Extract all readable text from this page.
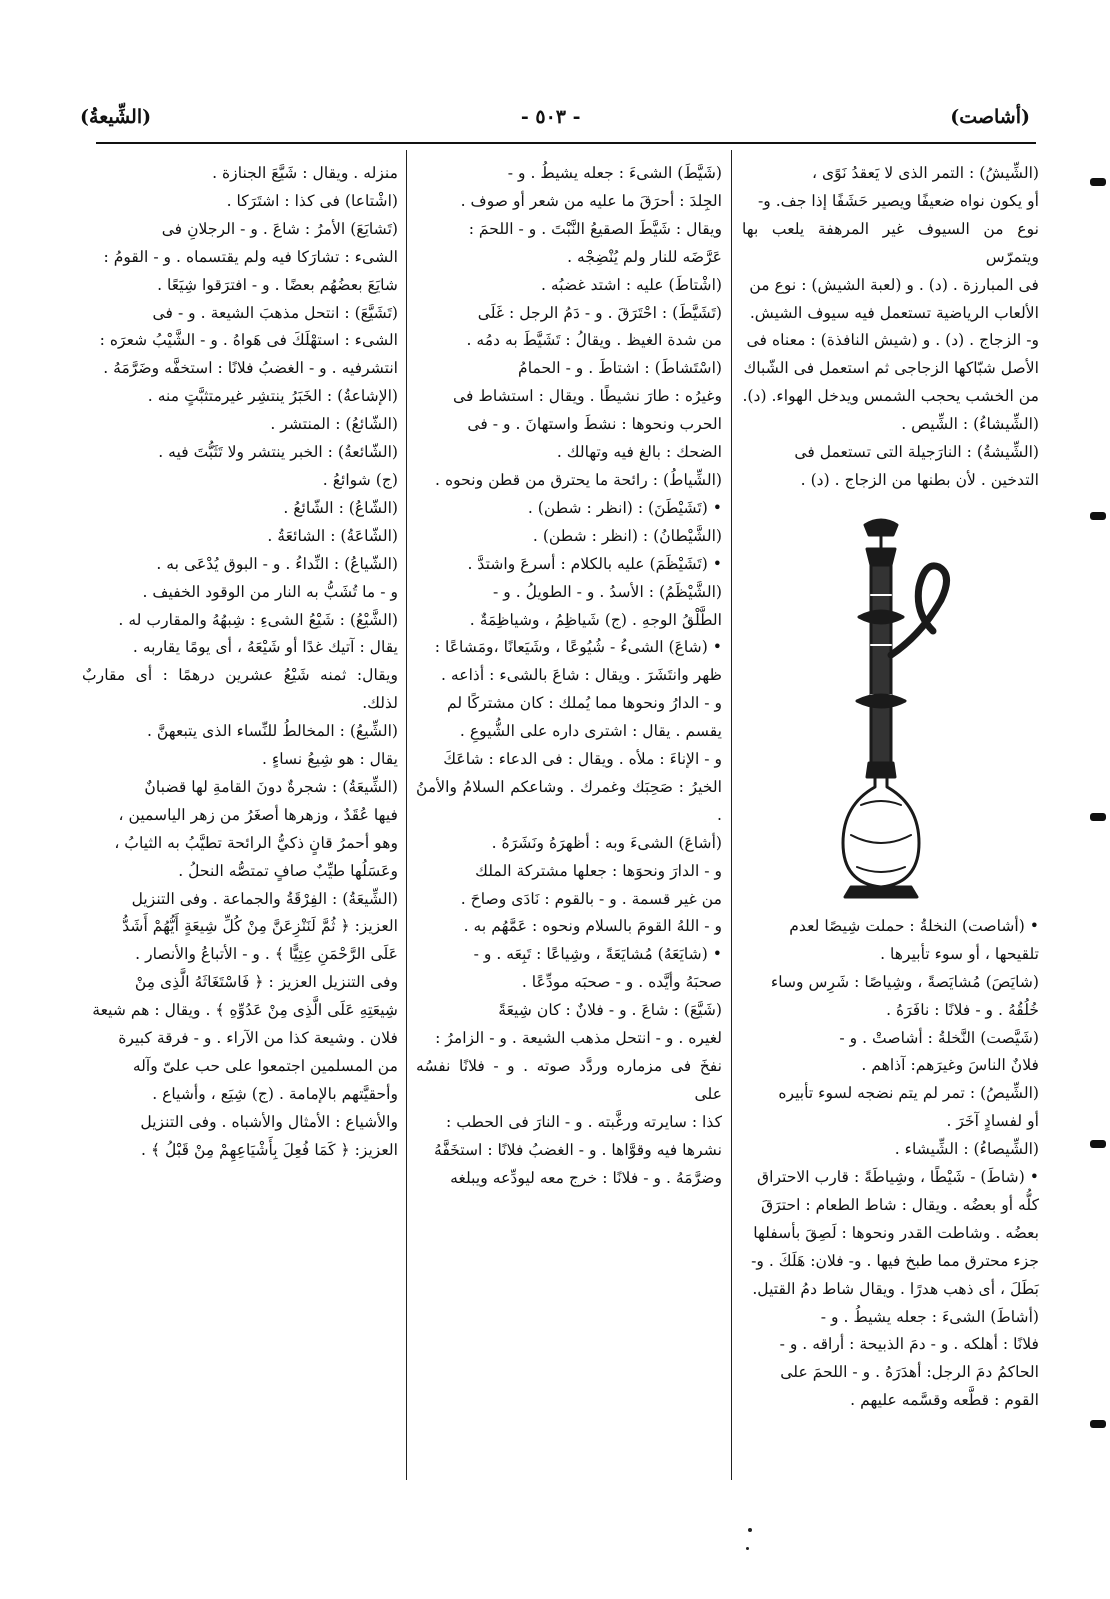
(أشاصت)
- ٥٠٣ -
(الشِّيعةُ)

(الشِّيشُ) : التمر الذى لا يَعقدُ نَوًى ،

أو يكون نواه ضعيفًا ويصير حَشَفًا إذا جف. و-

نوع من السيوف غير المرهفة يلعب بها ويتمرّس

فى المبارزة . (د) . و (لعبة الشيش) : نوع من

الألعاب الرياضية تستعمل فيه سيوف الشيش.

و- الزجاج . (د) . و (شيش النافذة) : معناه فى

الأصل شبّاكها الزجاجى ثم استعمل فى الشّباك

من الخشب يحجب الشمس ويدخل الهواء. (د).

(الشِّيشاءُ) : الشِّيص .

(الشِّيشةُ) : النارَجيلة التى تستعمل فى

التدخين . لأن بطنها من الزجاج . (د) .

• (أشاصت) النخلةُ : حملت شِيصًا لعدم

تلقيحها ، أو سوء تأبيرها .

(شايَصَ) مُشايَصةً ، وشِياصًا : شَرِس وساء

خُلُقُهُ . و - فلانًا : نافَرَهُ .

(شَيَّصت) النَّخلةُ : أشاصتْ . و -

فلانٌ الناسَ وغيرَهم: آذاهم .

(الشِّيصُ) : تمر لم يتم نضجه لسوء تأبيره

أو لفسادٍ آخَرَ .

(الشِّيصاءُ) : الشِّيشاء .

• (شاطَ) - شَيْطًا ، وشِياطَةً : قارب الاحتراق

كلُّه أو بعضُه . ويقال : شاط الطعام : احترَقَ

بعضُه . وشاطت القدر ونحوها : لَصِقَ بأسفلها

جزء محترق مما طبخ فيها . و- فلان: هَلَكَ . و-

بَطَلَ ، أى ذهب هدرًا . ويقال شاط دمُ القتيل.

(أشاطَ) الشىءَ : جعله يشيطُ . و -

فلانًا : أهلكه . و - دمَ الذبيحة : أراقه . و -

الحاكمُ دمَ الرجل: أهدَرَهُ . و - اللحمَ على

القوم : قطَّعه وقسَّمه عليهم .

(شَيَّطَ) الشىءَ : جعله يشيطُ . و -

الجِلدَ : أحرَقَ ما عليه من شعر أو صوف .

ويقال : شَيَّطَ الصقيعُ النَّبْتَ . و - اللحمَ :

عَرَّضَه للنار ولم يُنْضِجْه .

(اشْتاطَ) عليه : اشتد غضبُه .

(تَشَيَّطَ) : احْتَرَقَ . و - دَمُ الرجل : غَلَى

من شدة الغيظ . ويقالُ : تَشَيَّطَ به دمُه .

(اسْتَشاطَ) : اشتاطَ . و - الحمامُ

وغيرُه : طارَ نشيطًا . ويقال : استشاط فى

الحرب ونحوها : نشطَ واستهانَ . و - فى

الضحك : بالغ فيه وتهالك .

(الشِّياطُ) : رائحة ما يحترق من قطن ونحوه .

• (تَشَيْطَنَ) : (انظر : شطن) .

(الشَّيْطانُ) : (انظر : شطن) .

• (تَشَيْظَمَ) عليه بالكلام : أسرعَ واشتدَّ .

(الشَّيْظَمُ) : الأسدُ . و - الطويلُ . و -

الطَّلْقُ الوجهِ . (ج) شَياظِمُ ، وشياظِمَةٌ .

• (شاعَ) الشىءُ - شُيُوعًا ، وشَيَعانًا ،ومَشاعًا :

ظهر وانتَشَرَ . ويقال : شاعَ بالشىء : أذاعه .

و - الدارُ ونحوها مما يُملك : كان مشتركًا لم

يقسم . يقال : اشترى داره على الشُّيوعِ .

و - الإناءَ : ملأه . ويقال : فى الدعاء : شاعَكَ

الخيرُ : صَحِبَك وغمرك . وشاعكم السلامُ والأمنُ .

(أشاعَ) الشىءَ وبه : أظهرَهُ ونَشَرَهُ .

و - الدارَ ونحوَها : جعلها مشتركة الملك

من غير قسمة . و - بالقوم : نَادَى وصاحَ .

و - اللهُ القومَ بالسلام ونحوه : عَمَّهُم به .

• (شايَعَهُ) مُشايَعَةً ، وشِياعًا : تَبِعَه . و -

صحبَهُ وأيَّده . و - صحبَه مودِّعًا .

(شَيَّعَ) : شاعَ . و - فلانٌ : كان شِيعَةً

لغيره . و - انتحل مذهب الشيعة . و - الزامرُ :

نفخَ فى مزماره وردَّد صوته . و - فلانًا نفسُه على

كذا : سايرته ورغَّبته . و - النارَ فى الحطب :

نشرها فيه وقوَّاها . و - الغضبُ فلانًا : استخَفَّهُ

وضرَّمَهُ . و - فلانًا : خرج معه ليودِّعه ويبلغه

منزله . ويقال : شَيَّعَ الجنازة .

(اشْتاعا) فى كذا : اشتَرَكا .

(تَشايَعَ) الأمرُ : شاعَ . و - الرجلانِ فى

الشىء : تشارَكا فيه ولم يقتسماه . و - القومُ :

شايَعَ بعضُهُم بعضًا . و - افترَقوا شِيَعًا .

(تَشَيَّعَ) : انتحل مذهبَ الشيعة . و - فى

الشىء : استهْلَكَ فى هَواهُ . و - الشَّيْبُ شعرَه :

انتشرفيه . و - الغضبُ فلانًا : استخفَّه وضَرَّمَهُ .

(الإشاعةُ) : الخَبَرُ ينتشِر غيرمتثبَّتٍ منه .

(الشّائعُ) : المنتشر .

(الشّائعةُ) : الخبر ينتشر ولا تَثَبُّتَ فيه .

(ج) شوائعُ .

(الشّاعُ) : الشّائعُ .

(الشّاعَةُ) : الشائعَةُ .

(الشّياعُ) : النِّداءُ . و - البوق يُدْعَى به .

و - ما تُشَبُّ به النار من الوقود الخفيف .

(الشَّيْعُ) : شَيْعُ الشىءِ : شِبهُهُ والمقارب له .

يقال : آتيك غدًا أو شَيْعَهُ ، أى يومًا يقاربه .

ويقال: ثمنه شَيْعُ عشرين درهمًا : أى مقاربٌ لذلك.

(الشِّيعُ) : المخالطُ للنِّساء الذى يتبعهنَّ .

يقال : هو شِيعُ نساءٍ .

(الشِّيعَةُ) : شجرةٌ دونَ القامةِ لها قضبانٌ

فيها عُقَدٌ ، وزهرها أصغَرُ من زهر الياسمين ،

وهو أحمرُ قانٍ ذكيُّ الرائحة تطيَّبُ به الثيابُ ،

وعَسَلُها طيِّبٌ صافٍ تمتصُّه النحلُ .

(الشِّيعَةُ) : الفِرْقَةُ والجماعة . وفى التنزيل

العزيز: ﴿ ثُمَّ لَنَنْزِعَنَّ مِنْ كُلِّ شِيعَةٍ أَيُّهُمْ أَشَدُّ

عَلَى الرَّحْمَنِ عِتِيًّا ﴾ . و - الأتباعُ والأنصار .

وفى التنزيل العزيز : ﴿ فَاسْتَغَاثَهُ الَّذِى مِنْ

شِيعَتِهِ عَلَى الَّذِى مِنْ عَدُوِّهِ ﴾ . ويقال : هم شيعة

فلان . وشيعة كذا من الآراء . و - فرقة كبيرة

من المسلمين اجتمعوا على حب علىّ وآله

وأحقيَّتهم بالإمامة . (ج) شِيَع ، وأشياع .

والأشياع : الأمثال والأشباه . وفى التنزيل

العزيز: ﴿ كَمَا فُعِلَ بِأَشْيَاعِهِمْ مِنْ قَبْلُ ﴾ .
